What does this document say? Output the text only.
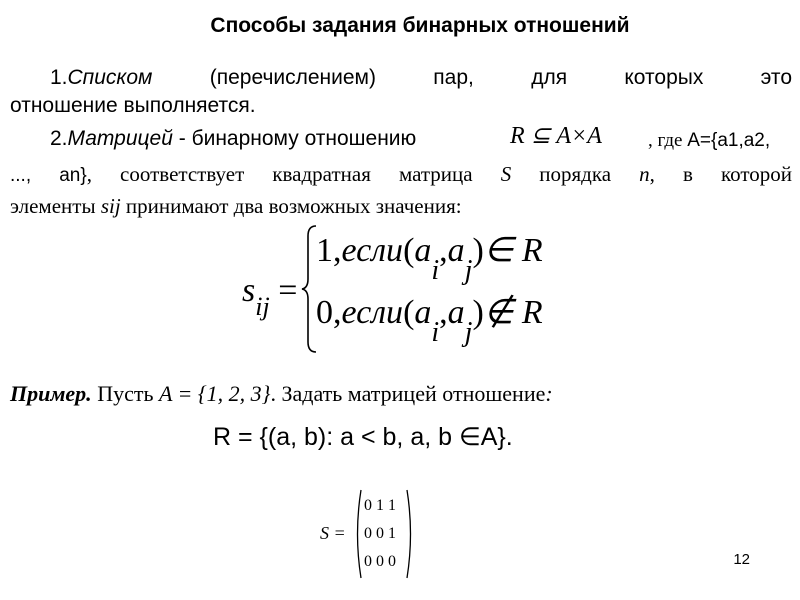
Способы задания бинарных отношений
1.Списком (перечислением) пар, для которых это
отношение выполняется.
2.Матрицей - бинарному отношению	R ⊆ A×A , где A={a1,a2,
..., an}, соответствует квадратная матрица S порядка n, в которой
элементы sij принимают два возможных значения:
$s_{ij}$ =
$1,если(a_i,a_j)\in$ R
$0,если(a_i,a_j)\notin$ R
Пример. Пусть A = {1, 2, 3}. Задать матрицей отношение:
R = {(a, b): a < b, a, b ∈A}.
S =
0 1 1
0 0 1
0 0 0	12
